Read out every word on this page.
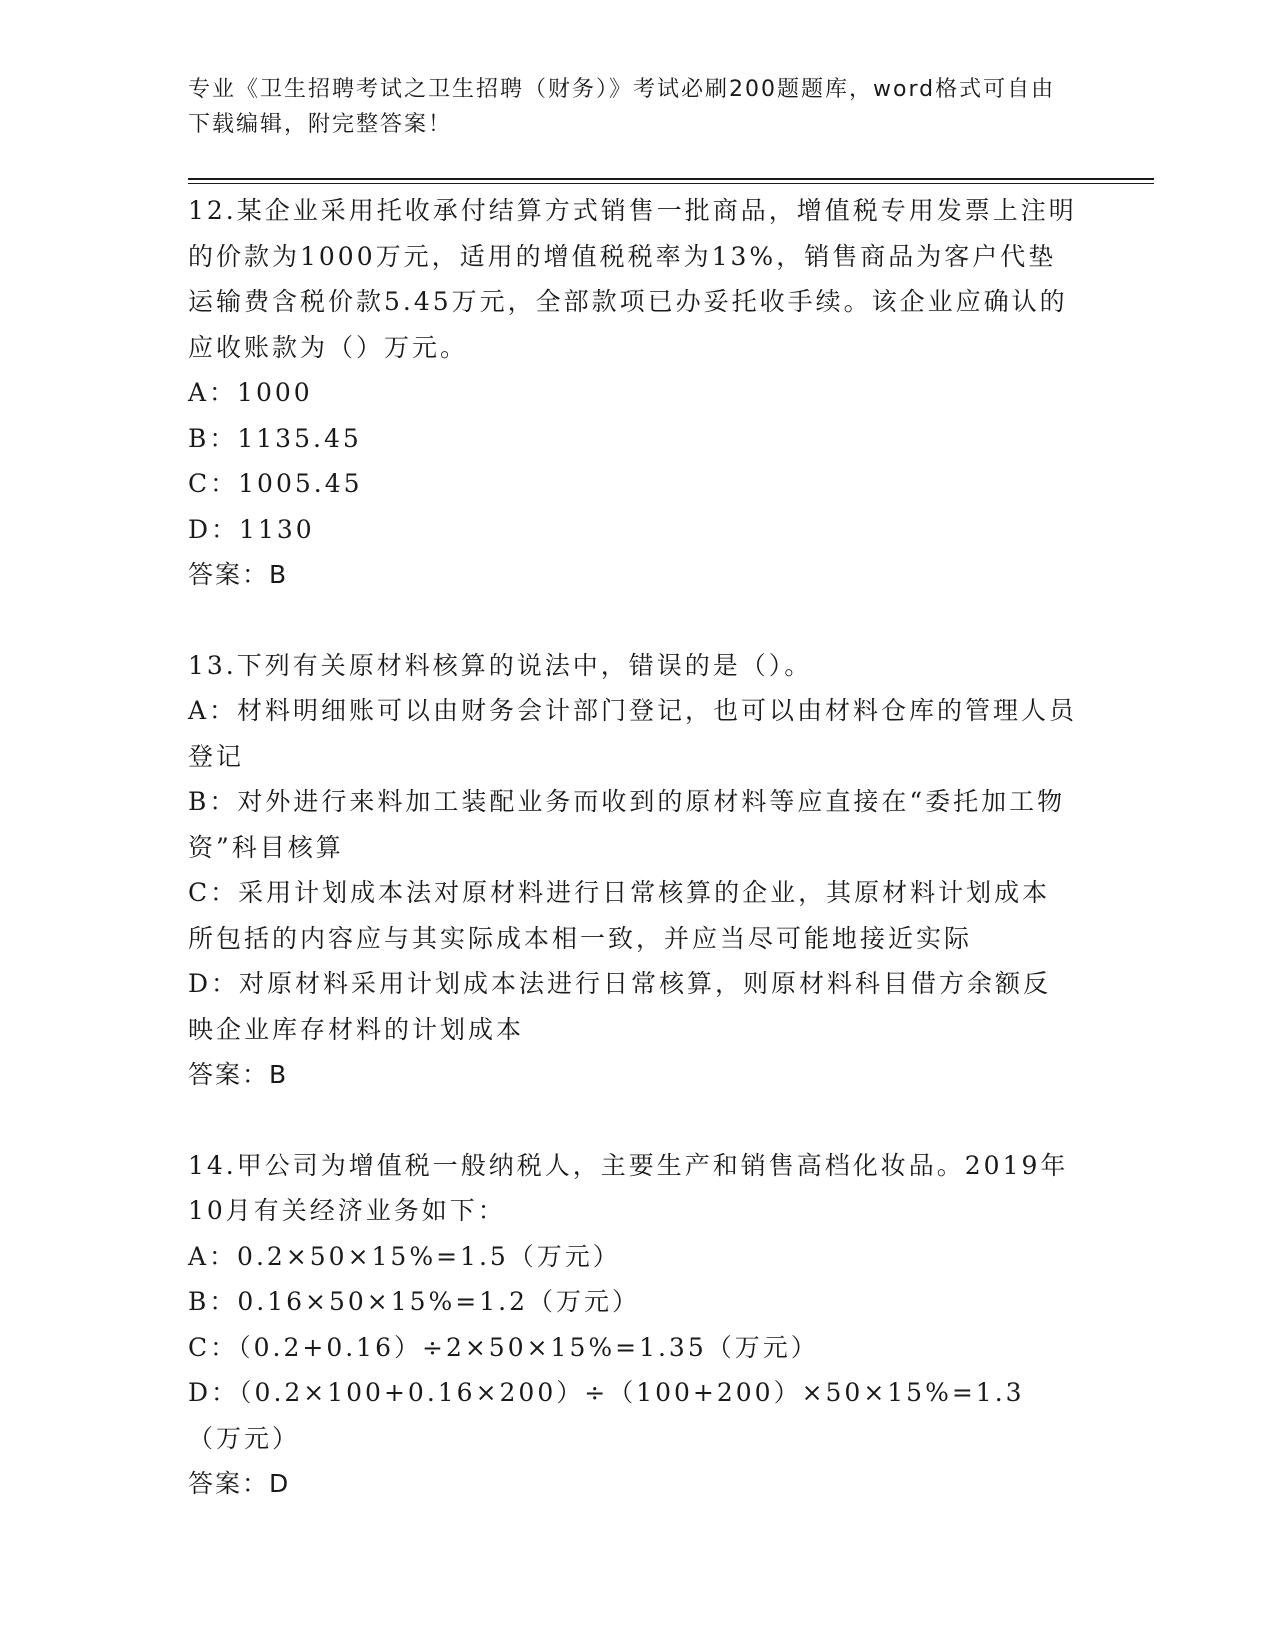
专业《卫生招聘考试之卫生招聘（财务）》考试必刷200题题库，word格式可自由下载编辑，附完整答案！
12.某企业采用托收承付结算方式销售一批商品，增值税专用发票上注明的价款为1000万元，适用的增值税税率为13%，销售商品为客户代垫运输费含税价款5.45万元，全部款项已办妥托收手续。该企业应确认的应收账款为（）万元。
A：1000
B：1135.45
C：1005.45
D：1130
答案：B
13.下列有关原材料核算的说法中，错误的是（）。
A：材料明细账可以由财务会计部门登记，也可以由材料仓库的管理人员登记
B：对外进行来料加工装配业务而收到的原材料等应直接在“委托加工物资”科目核算
C：采用计划成本法对原材料进行日常核算的企业，其原材料计划成本所包括的内容应与其实际成本相一致，并应当尽可能地接近实际
D：对原材料采用计划成本法进行日常核算，则原材料科目借方余额反映企业库存材料的计划成本
答案：B
14.甲公司为增值税一般纳税人，主要生产和销售高档化妆品。2019年10月有关经济业务如下：
A：0.2×50×15%=1.5（万元）
B：0.16×50×15%=1.2（万元）
C：（0.2+0.16）÷2×50×15%=1.35（万元）
D：（0.2×100+0.16×200）÷（100+200）×50×15%=1.3（万元）
答案：D
